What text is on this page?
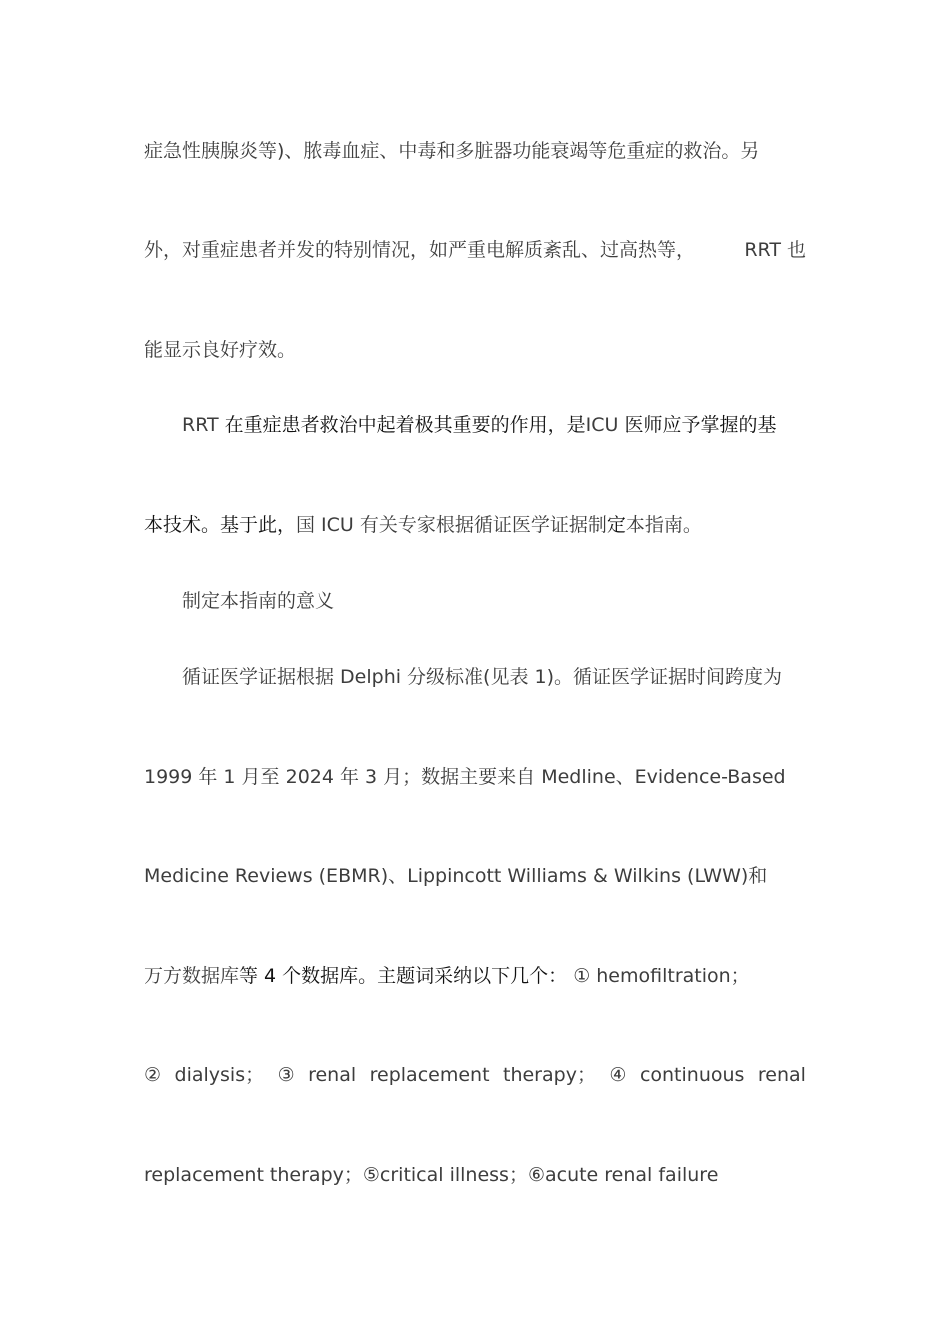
症急性胰腺炎等)、脓毒血症、中毒和多脏器功能衰竭等危重症的救治。另
外，对重症患者并发的特别情况，如严重电解质紊乱、过高热等，	RRT 也
能显示良好疗效。
RRT 在重症患者救治中起着极其重要的作用，是ICU 医师应予掌握的基
本技术。基于此，国 ICU 有关专家根据循证医学证据制定本指南。
制定本指南的意义
循证医学证据根据 Delphi 分级标准(见表 1)。循证医学证据时间跨度为
1999 年 1 月至 2024 年 3 月；数据主要来自 Medline、Evidence-Based
Medicine Reviews (EBMR)、Lippincott Williams & Wilkins (LWW)和
万方数据库等 4 个数据库。主题词采纳以下几个： ① hemofiltration；
② dialysis； ③ renal replacement therapy； ④ continuous renal
replacement therapy；⑤critical illness；⑥acute renal failure
